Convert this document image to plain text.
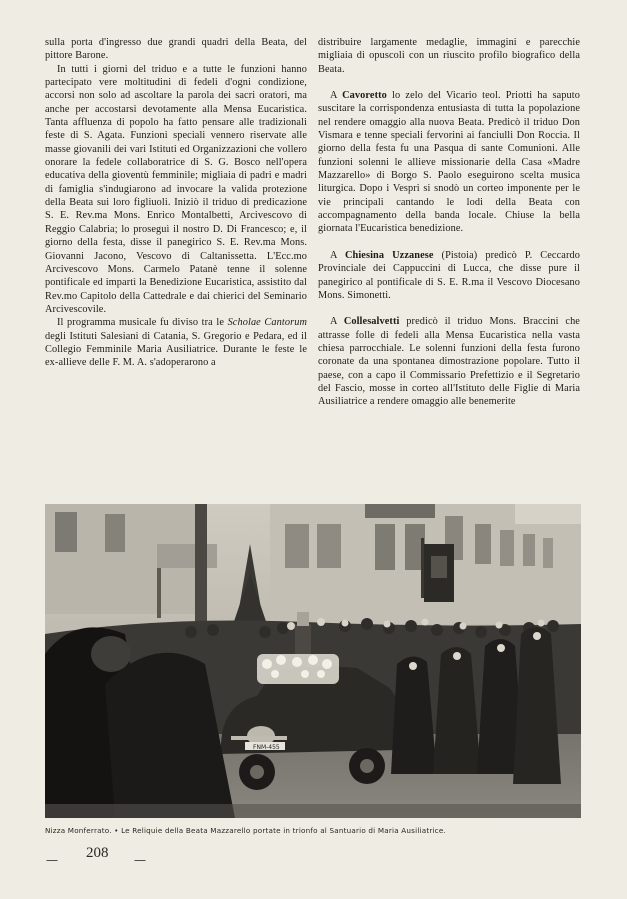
sulla porta d'ingresso due grandi quadri della Beata, del pittore Barone.

In tutti i giorni del triduo e a tutte le funzioni hanno partecipato vere moltitudini di fedeli d'ogni condizione, accorsi non solo ad ascoltare la parola dei sacri oratori, ma anche per accostarsi devotamente alla Mensa Eucaristica. Tanta affluenza di popolo ha fatto pensare alle tradizionali feste di S. Agata. Funzioni speciali vennero riservate alle masse giovanili dei vari Istituti ed Organizzazioni che vollero onorare la fedele collaboratrice di S. G. Bosco nell'opera educativa della gioventù femminile; migliaia di padri e madri di famiglia s'indugiarono ad invocare la valida protezione della Beata sui loro figliuoli. Iniziò il triduo di predicazione S. E. Rev.ma Mons. Enrico Montalbetti, Arcivescovo di Reggio Calabria; lo proseguì il nostro D. Di Francesco; e, il giorno della festa, disse il panegirico S. E. Rev.ma Mons. Giovanni Jacono, Vescovo di Caltanissetta. L'Ecc.mo Arcivescovo Mons. Carmelo Patanè tenne il solenne pontificale ed impartì la Benedizione Eucaristica, assistito dal Rev.mo Capitolo della Cattedrale e dai chierici del Seminario Arcivescovile.

Il programma musicale fu diviso tra le Scholae Cantorum degli Istituti Salesiani di Catania, S. Gregorio e Pedara, ed il Collegio Femminile Maria Ausiliatrice. Durante le feste le ex-allieve delle F. M. A. s'adoperarono a

distribuire largamente medaglie, immagini e parecchie migliaia di opuscoli con un riuscito profilo biografico della Beata.

A Cavoretto lo zelo del Vicario teol. Priotti ha saputo suscitare la corrispondenza entusiasta di tutta la popolazione nel rendere omaggio alla nuova Beata. Predicò il triduo Don Vismara e tenne speciali fervorini ai fanciulli Don Roccia. Il giorno della festa fu una Pasqua di sante Comunioni. Alle funzioni solenni le allieve missionarie della Casa «Madre Mazzarello» di Borgo S. Paolo eseguirono scelta musica liturgica. Dopo i Vespri si snodò un corteo imponente per le vie principali cantando le lodi della Beata con accompagnamento della banda locale. Chiuse la bella giornata l'Eucaristica benedizione.

A Chiesina Uzzanese (Pistoia) predicò P. Ceccardo Provinciale dei Cappuccini di Lucca, che disse pure il panegirico al pontificale di S. E. R.ma il Vescovo Diocesano Mons. Simonetti.

A Collesalvetti predicò il triduo Mons. Braccini che attrasse folle di fedeli alla Mensa Eucaristica nella vasta chiesa parrocchiale. Le solenni funzioni della festa furono coronate da una spontanea dimostrazione popolare. Tutto il paese, con a capo il Commissario Prefettizio e il Segretario del Fascio, mosse in corteo all'Istituto delle Figlie di Maria Ausiliatrice a rendere omaggio alle benemerite

FNM-455
Nizza Monferrato. • Le Reliquie della Beata Mazzarello portate in trionfo al Santuario di Maria Ausiliatrice.
— 208 —
